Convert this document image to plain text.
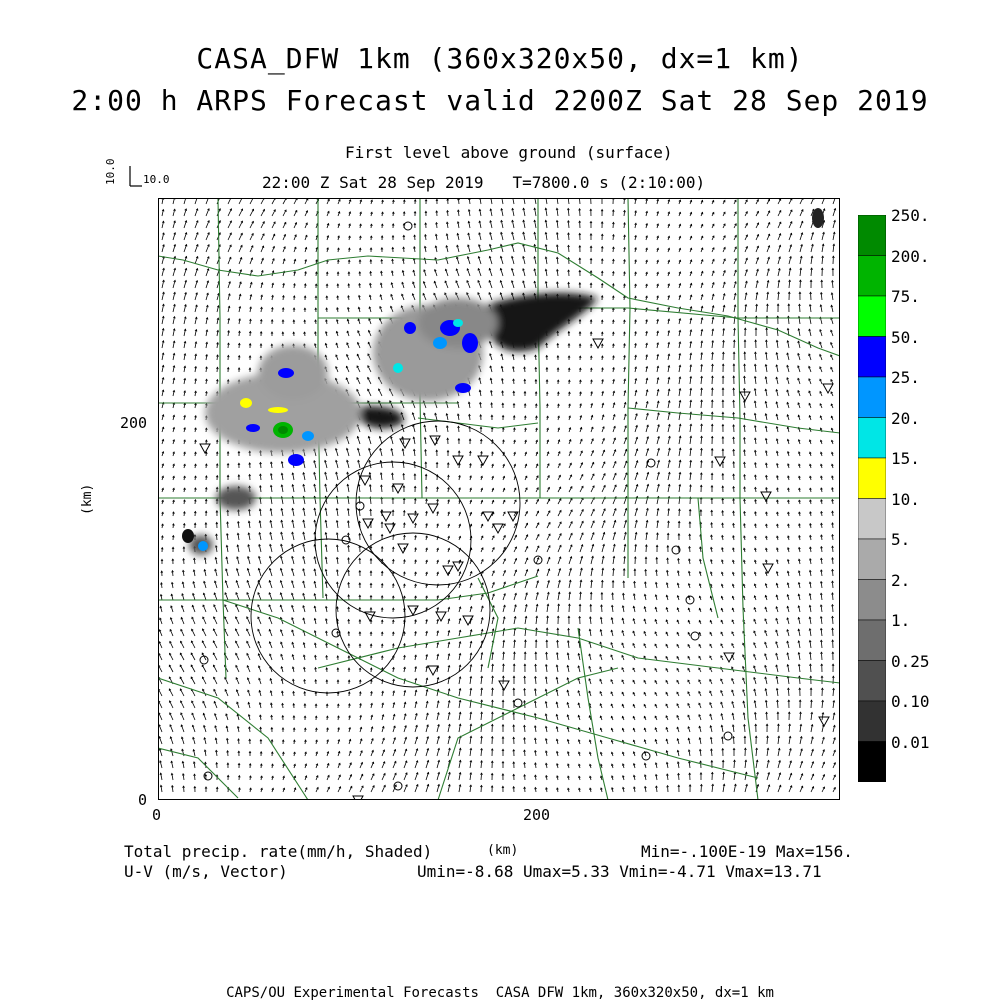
CASA_DFW 1km (360x320x50, dx=1 km)
2:00 h ARPS Forecast valid 2200Z Sat 28 Sep 2019
First level above ground (surface)
22:00 Z Sat 28 Sep 2019   T=7800.0 s (2:10:00)
10.0
10.0
200
0
0	200
(km)
(km)
250.
200.
75.
50.
25.
20.
15.
10.
5.
2.
1.
0.25
0.10
0.01
Total precip. rate(mm/h, Shaded)
U-V (m/s, Vector)
Min=-.100E-19 Max=156.
Umin=-8.68 Umax=5.33 Vmin=-4.71 Vmax=13.71
CAPS/OU Experimental Forecasts  CASA DFW 1km, 360x320x50, dx=1 km
